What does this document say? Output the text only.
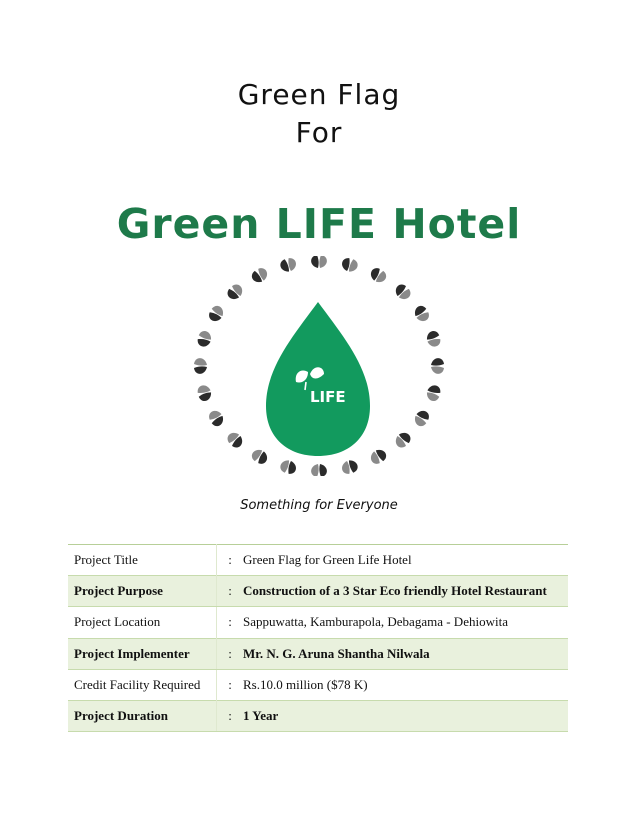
Green Flag
For
Green LIFE Hotel
LIFE
Something for Everyone
Project Title	:	Green Flag for Green Life Hotel
Project Purpose	:	Construction of a 3 Star Eco friendly Hotel Restaurant
Project Location	:	Sappuwatta, Kamburapola, Debagama - Dehiowita
Project Implementer	:	Mr. N. G. Aruna Shantha Nilwala
Credit Facility Required	:	Rs.10.0 million ($78 K)
Project Duration	:	1 Year
